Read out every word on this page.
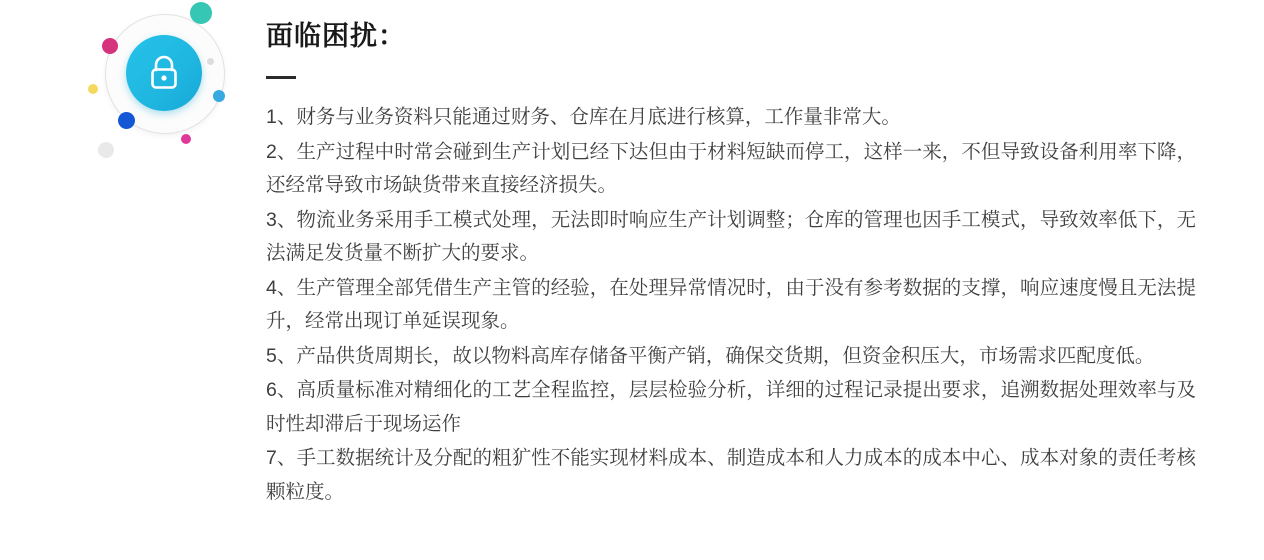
面临困扰：
1、财务与业务资料只能通过财务、仓库在月底进行核算，工作量非常大。
2、生产过程中时常会碰到生产计划已经下达但由于材料短缺而停工，这样一来，不但导致设备利用率下降，还经常导致市场缺货带来直接经济损失。
3、物流业务采用手工模式处理，无法即时响应生产计划调整；仓库的管理也因手工模式，导致效率低下，无法满足发货量不断扩大的要求。
4、生产管理全部凭借生产主管的经验，在处理异常情况时，由于没有参考数据的支撑，响应速度慢且无法提升，经常出现订单延误现象。
5、产品供货周期长，故以物料高库存储备平衡产销，确保交货期，但资金积压大，市场需求匹配度低。
6、高质量标准对精细化的工艺全程监控，层层检验分析，详细的过程记录提出要求，追溯数据处理效率与及时性却滞后于现场运作
7、手工数据统计及分配的粗犷性不能实现材料成本、制造成本和人力成本的成本中心、成本对象的责任考核颗粒度。
